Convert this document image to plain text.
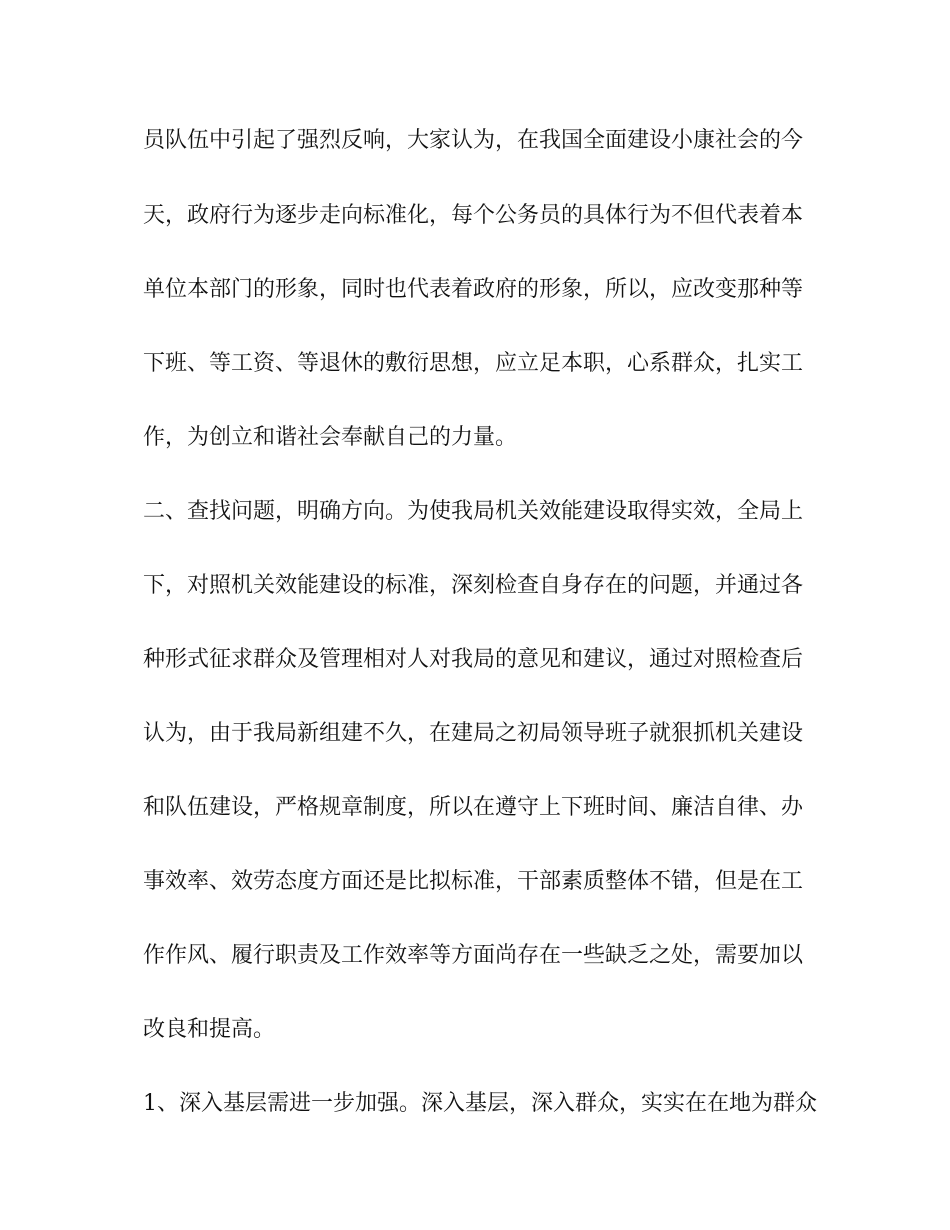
员队伍中引起了强烈反响，大家认为，在我国全面建设小康社会的今
天，政府行为逐步走向标准化，每个公务员的具体行为不但代表着本
单位本部门的形象，同时也代表着政府的形象，所以，应改变那种等
下班、等工资、等退休的敷衍思想，应立足本职，心系群众，扎实工
作，为创立和谐社会奉献自己的力量。
二、查找问题，明确方向。为使我局机关效能建设取得实效，全局上
下，对照机关效能建设的标准，深刻检查自身存在的问题，并通过各
种形式征求群众及管理相对人对我局的意见和建议，通过对照检查后
认为，由于我局新组建不久，在建局之初局领导班子就狠抓机关建设
和队伍建设，严格规章制度，所以在遵守上下班时间、廉洁自律、办
事效率、效劳态度方面还是比拟标准，干部素质整体不错，但是在工
作作风、履行职责及工作效率等方面尚存在一些缺乏之处，需要加以
改良和提高。
1、深入基层需进一步加强。深入基层，深入群众，实实在在地为群众
